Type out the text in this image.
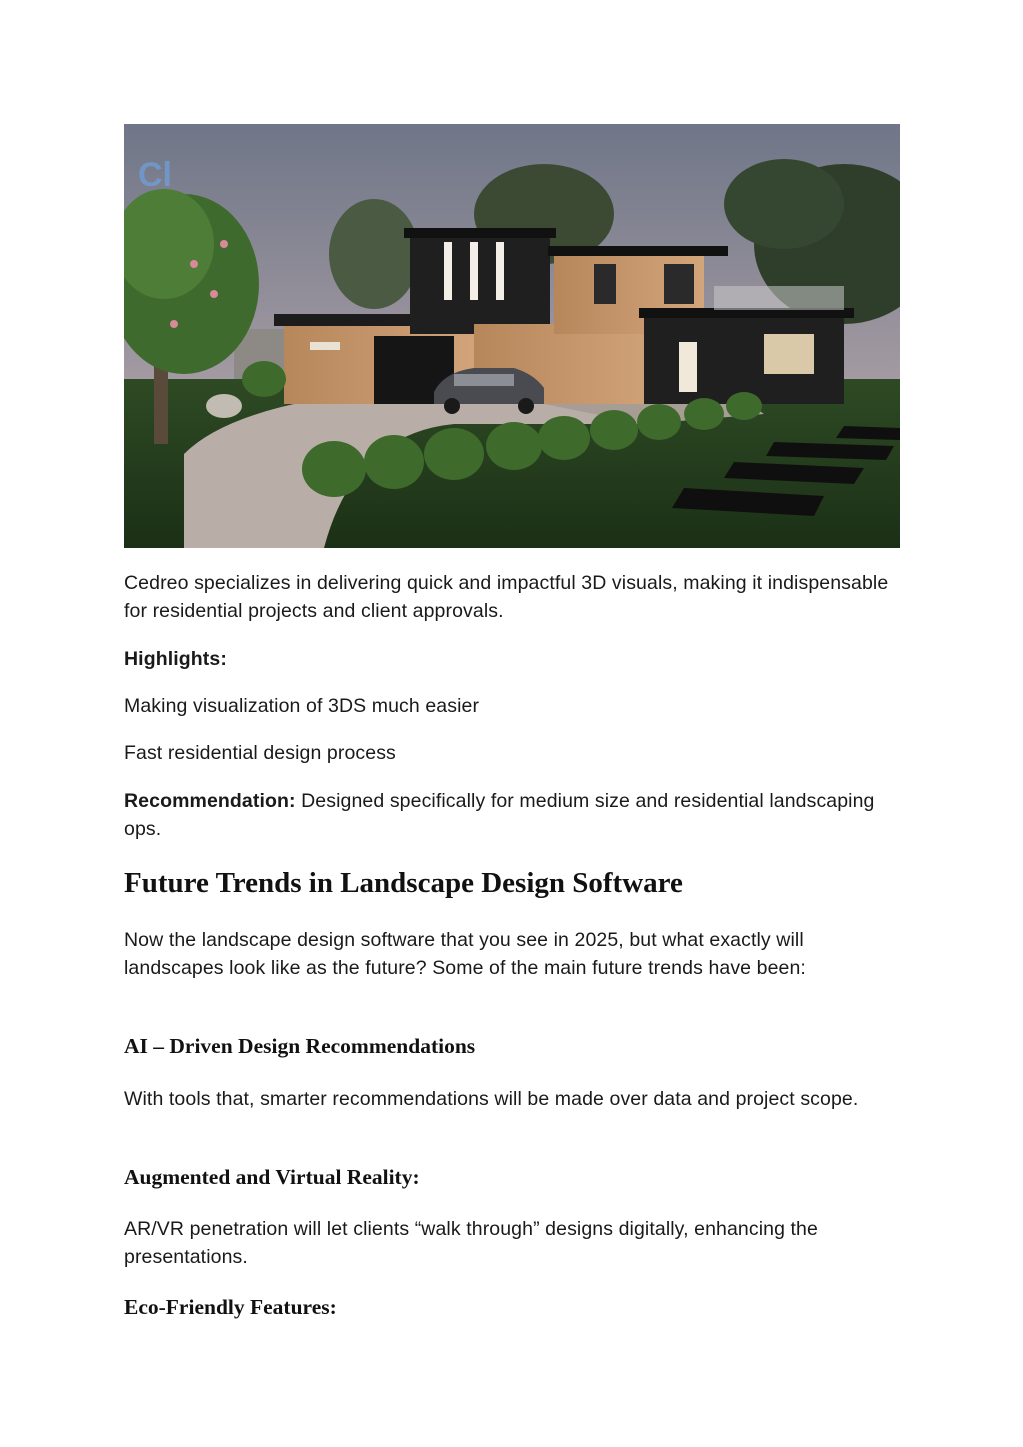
Cl

Cedreo specializes in delivering quick and impactful 3D visuals, making it indispensable for residential projects and client approvals.

Highlights:

Making visualization of 3DS much easier

Fast residential design process

Recommendation: Designed specifically for medium size and residential landscaping ops.

Future Trends in Landscape Design Software

Now the landscape design software that you see in 2025, but what exactly will landscapes look like as the future? Some of the main future trends have been:

AI – Driven Design Recommendations

With tools that, smarter recommendations will be made over data and project scope.

Augmented and Virtual Reality:

AR/VR penetration will let clients “walk through” designs digitally, enhancing the presentations.

Eco-Friendly Features:
